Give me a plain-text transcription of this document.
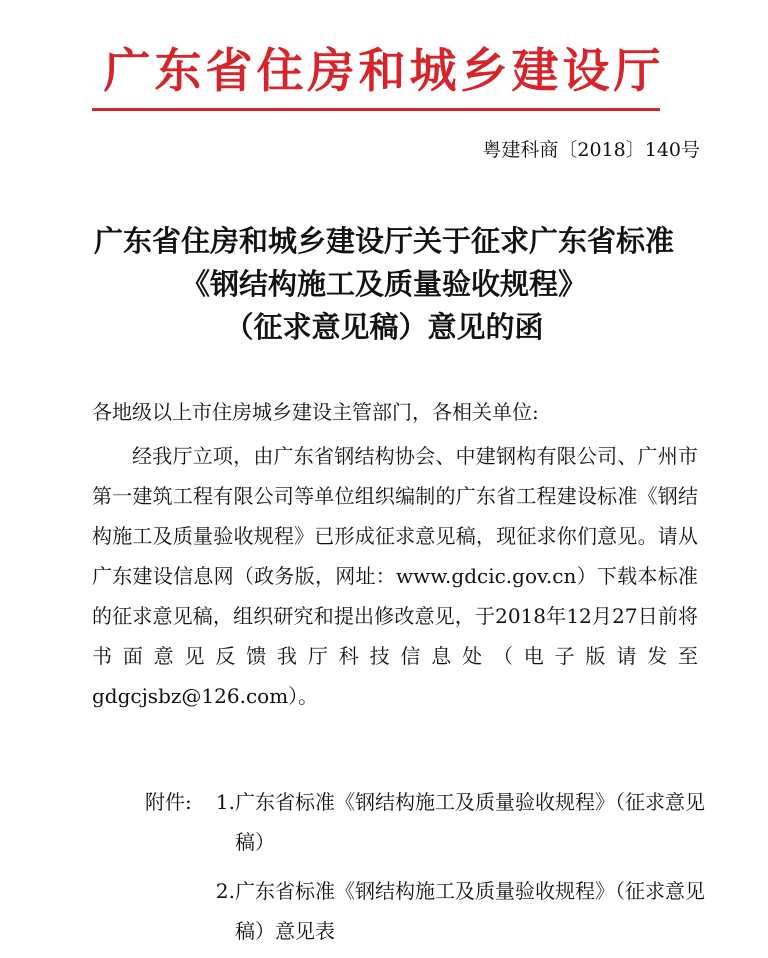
广东省住房和城乡建设厅
粤建科商〔2018〕140号
广东省住房和城乡建设厅关于征求广东省标准
《钢结构施工及质量验收规程》
（征求意见稿）意见的函
各地级以上市住房城乡建设主管部门，各相关单位:
经我厅立项，由广东省钢结构协会、中建钢构有限公司、广州市第一建筑工程有限公司等单位组织编制的广东省工程建设标准《钢结构施工及质量验收规程》已形成征求意见稿，现征求你们意见。请从广东建设信息网（政务版，网址：www.gdcic.gov.cn）下载本标准的征求意见稿，组织研究和提出修改意见，于2018年12月27日前将书面意见反馈我厅科技信息处（电子版请发至gdgcjsbz@126.com）。
附件:	1. 广东省标准《钢结构施工及质量验收规程》（征求意见稿）
2. 广东省标准《钢结构施工及质量验收规程》（征求意见稿）意见表
